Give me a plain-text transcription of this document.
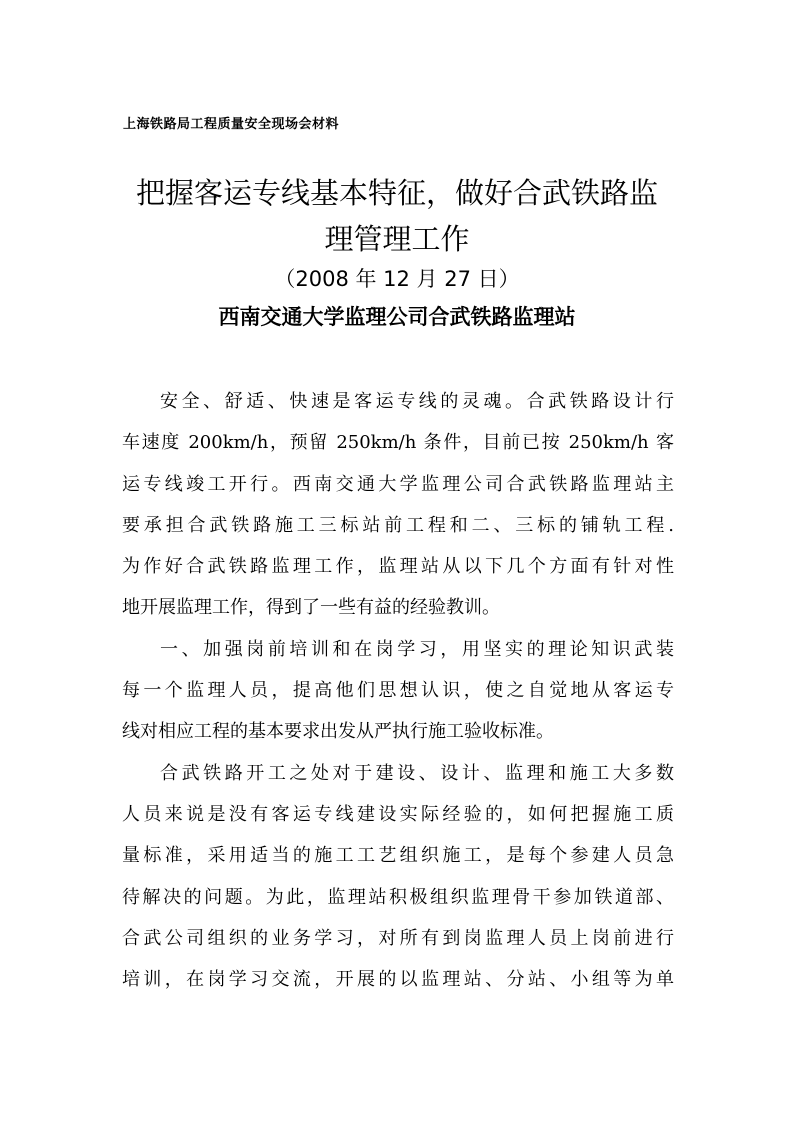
上海铁路局工程质量安全现场会材料
把握客运专线基本特征，做好合武铁路监
理管理工作
（2008 年 12 月 27 日）
西南交通大学监理公司合武铁路监理站
安全、舒适、快速是客运专线的灵魂。合武铁路设计行
车速度 200km/h，预留 250km/h 条件，目前已按 250km/h 客
运专线竣工开行。西南交通大学监理公司合武铁路监理站主
要承担合武铁路施工三标站前工程和二、三标的铺轨工程.
为作好合武铁路监理工作，监理站从以下几个方面有针对性
地开展监理工作，得到了一些有益的经验教训。
一、加强岗前培训和在岗学习，用坚实的理论知识武装
每一个监理人员，提高他们思想认识，使之自觉地从客运专
线对相应工程的基本要求出发从严执行施工验收标准。
合武铁路开工之处对于建设、设计、监理和施工大多数
人员来说是没有客运专线建设实际经验的，如何把握施工质
量标准，采用适当的施工工艺组织施工，是每个参建人员急
待解决的问题。为此，监理站积极组织监理骨干参加铁道部、
合武公司组织的业务学习，对所有到岗监理人员上岗前进行
培训，在岗学习交流，开展的以监理站、分站、小组等为单
